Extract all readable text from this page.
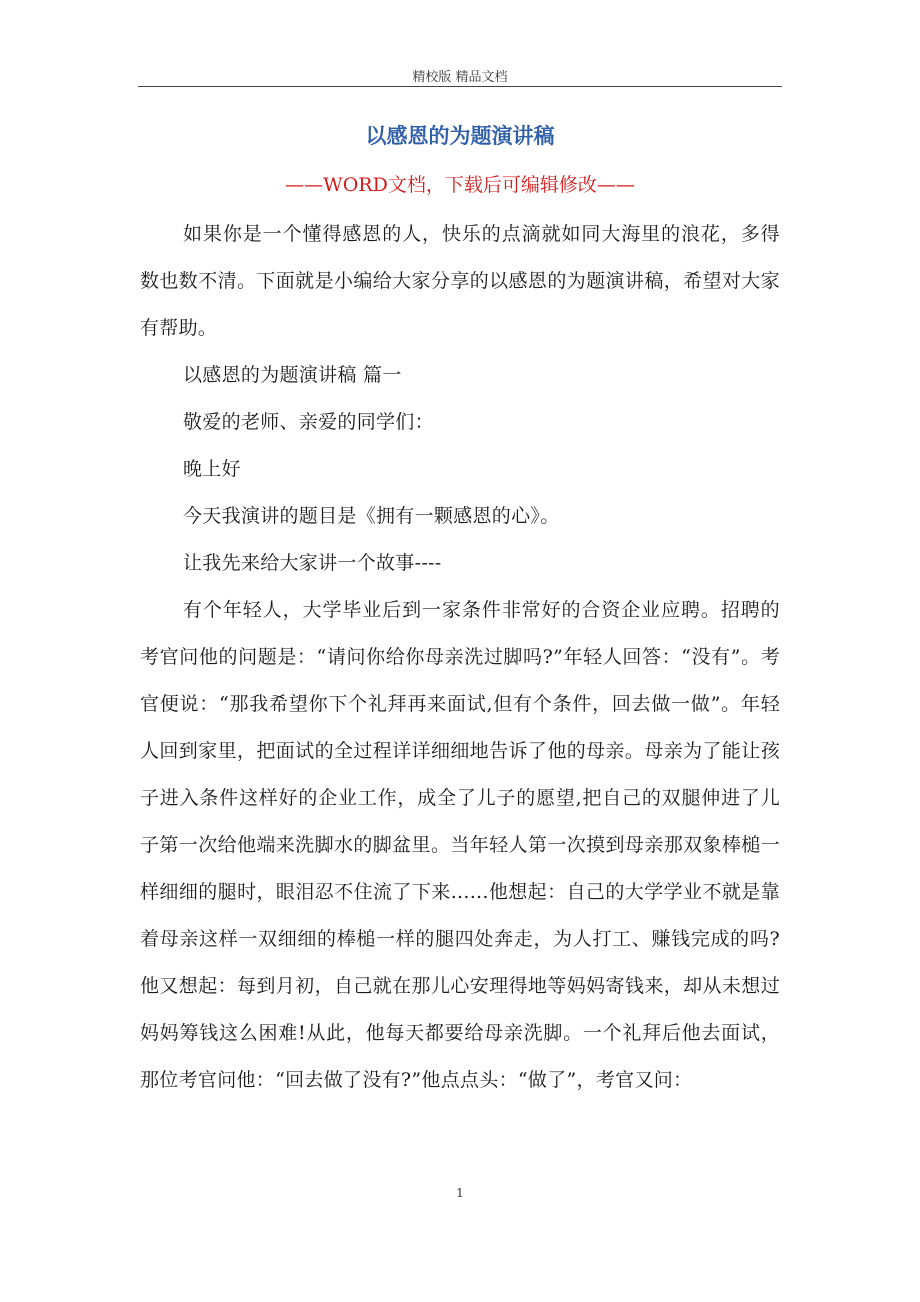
精校版 精品文档
以感恩的为题演讲稿
——WORD文档，下载后可编辑修改——

如果你是一个懂得感恩的人，快乐的点滴就如同大海里的浪花，多得数也数不清。下面就是小编给大家分享的以感恩的为题演讲稿，希望对大家有帮助。

以感恩的为题演讲稿 篇一

敬爱的老师、亲爱的同学们：

晚上好

今天我演讲的题目是《拥有一颗感恩的心》。

让我先来给大家讲一个故事----

有个年轻人，大学毕业后到一家条件非常好的合资企业应聘。招聘的考官问他的问题是：“请问你给你母亲洗过脚吗?”年轻人回答：“没有”。考官便说：“那我希望你下个礼拜再来面试,但有个条件，回去做一做”。年轻人回到家里，把面试的全过程详详细细地告诉了他的母亲。母亲为了能让孩子进入条件这样好的企业工作，成全了儿子的愿望,把自己的双腿伸进了儿子第一次给他端来洗脚水的脚盆里。当年轻人第一次摸到母亲那双象棒槌一样细细的腿时，眼泪忍不住流了下来......他想起：自己的大学学业不就是靠着母亲这样一双细细的棒槌一样的腿四处奔走，为人打工、赚钱完成的吗?他又想起：每到月初，自己就在那儿心安理得地等妈妈寄钱来，却从未想过妈妈筹钱这么困难!从此，他每天都要给母亲洗脚。一个礼拜后他去面试，那位考官问他：“回去做了没有?”他点点头：“做了”，考官又问：

1
